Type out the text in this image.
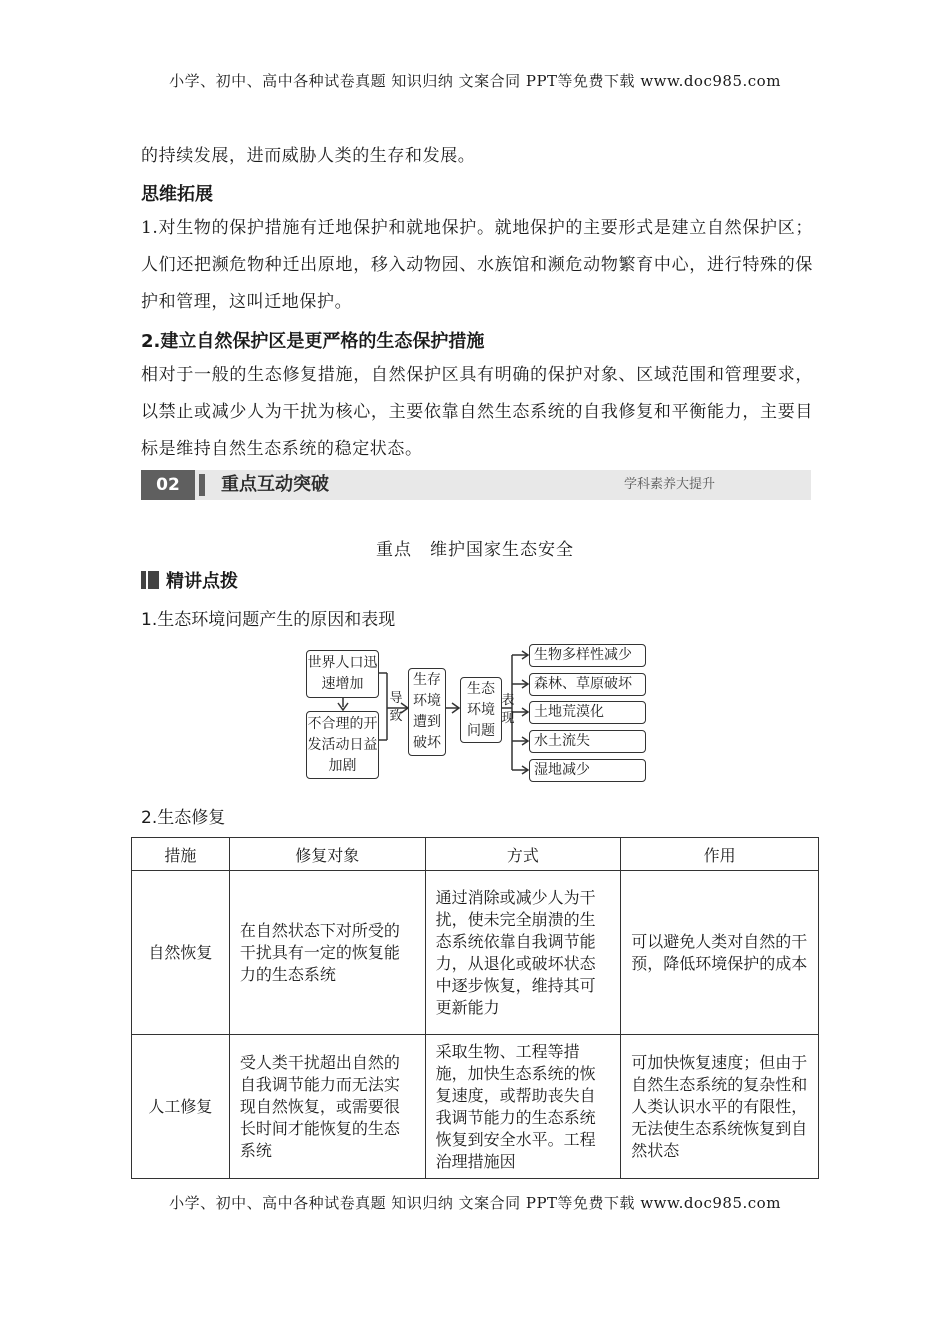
小学、初中、高中各种试卷真题 知识归纳 文案合同 PPT等免费下载 www.doc985.com
的持续发展，进而威胁人类的生存和发展。
思维拓展
1.对生物的保护措施有迁地保护和就地保护。就地保护的主要形式是建立自然保护区；人们还把濒危物种迁出原地，移入动物园、水族馆和濒危动物繁育中心，进行特殊的保护和管理，这叫迁地保护。
2.建立自然保护区是更严格的生态保护措施
相对于一般的生态修复措施，自然保护区具有明确的保护对象、区域范围和管理要求，以禁止或减少人为干扰为核心，主要依靠自然生态系统的自我修复和平衡能力，主要目标是维持自然生态系统的稳定状态。
02	重点互动突破	学科素养大提升
重点　维护国家生态安全
精讲点拨
1.生态环境问题产生的原因和表现
世界人口迅速增加
不合理的开发活动日益加剧
导致
生存环境遭到破坏
生态环境问题
表现
生物多样性减少
森林、草原破坏
土地荒漠化
水土流失
湿地减少
2.生态修复
措施	修复对象	方式	作用
自然恢复	在自然状态下对所受的干扰具有一定的恢复能力的生态系统	通过消除或减少人为干扰，使未完全崩溃的生态系统依靠自我调节能力，从退化或破坏状态中逐步恢复，维持其可更新能力	可以避免人类对自然的干预，降低环境保护的成本
人工修复	受人类干扰超出自然的自我调节能力而无法实现自然恢复，或需要很长时间才能恢复的生态系统	采取生物、工程等措施，加快生态系统的恢复速度，或帮助丧失自我调节能力的生态系统恢复到安全水平。工程治理措施因	可加快恢复速度；但由于自然生态系统的复杂性和人类认识水平的有限性，无法使生态系统恢复到自然状态
小学、初中、高中各种试卷真题 知识归纳 文案合同 PPT等免费下载 www.doc985.com
